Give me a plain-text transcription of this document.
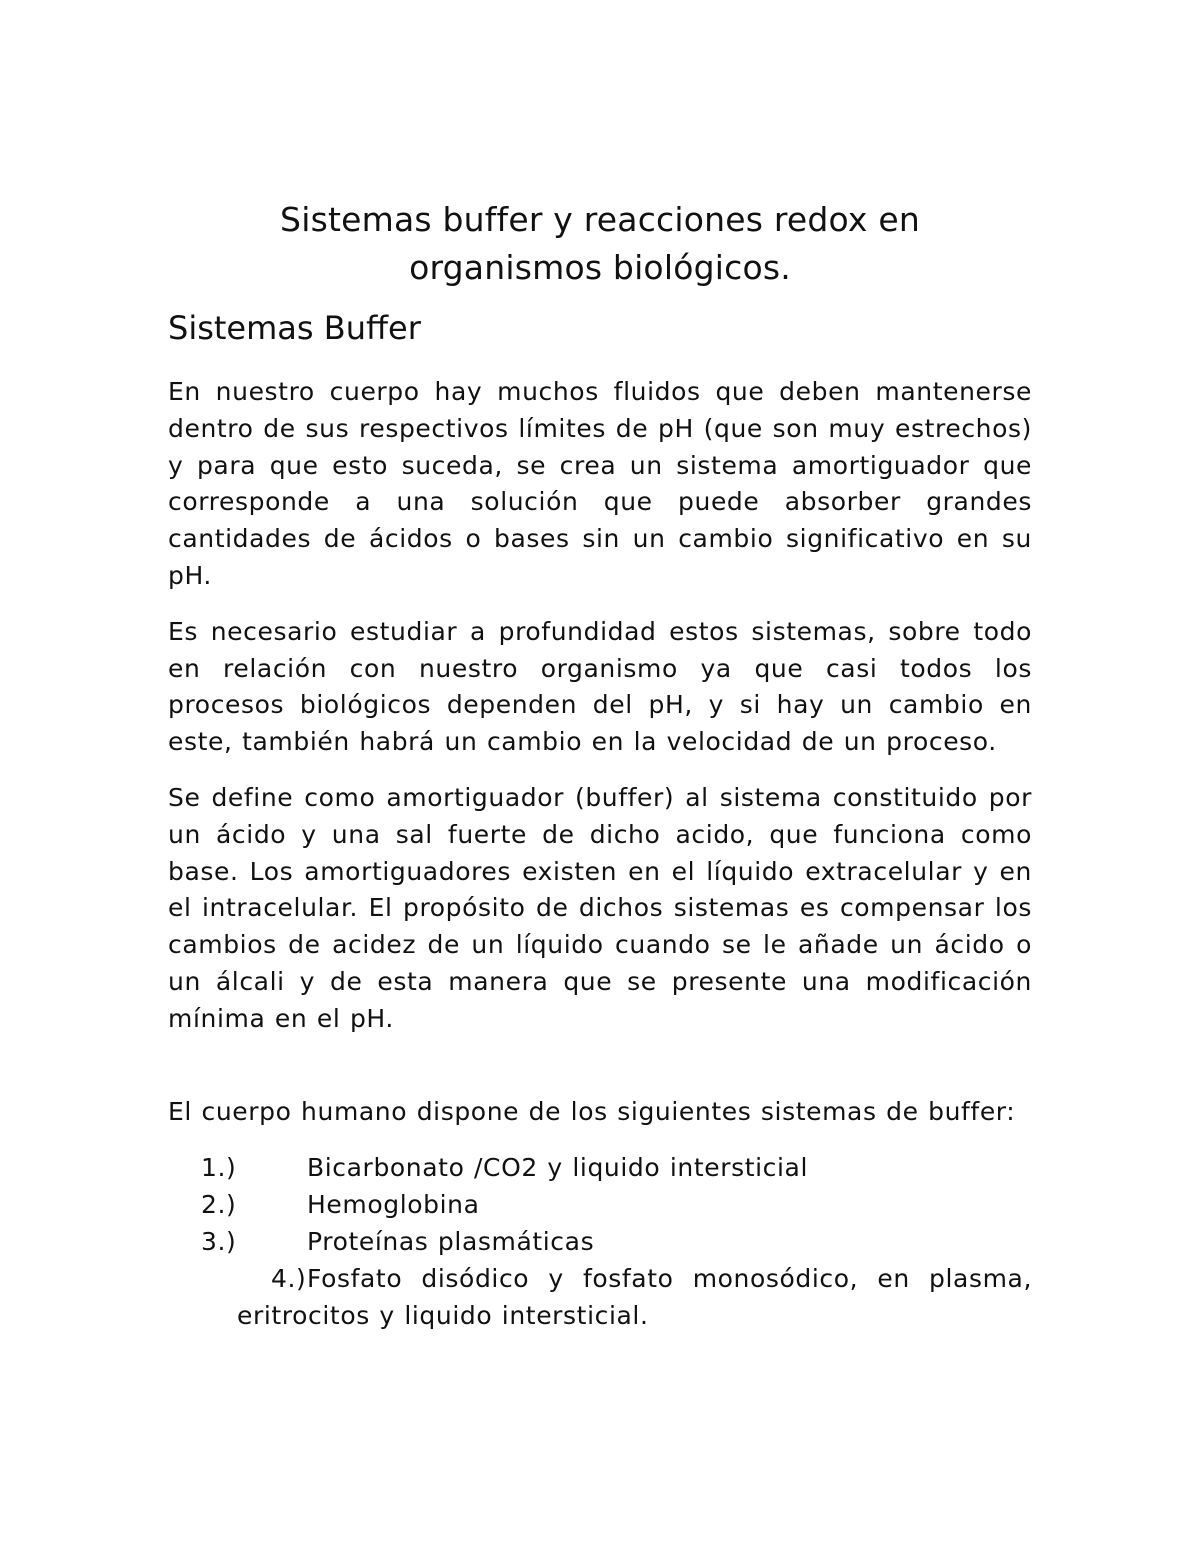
Sistemas buffer y reacciones redox en
organismos biológicos.
Sistemas Buffer

En nuestro cuerpo hay muchos fluidos que deben mantenerse dentro de sus respectivos límites de pH (que son muy estrechos) y para que esto suceda, se crea un sistema amortiguador que corresponde a una solución que puede absorber grandes cantidades de ácidos o bases sin un cambio significativo en su pH.

Es necesario estudiar a profundidad estos sistemas, sobre todo en relación con nuestro organismo ya que casi todos los procesos biológicos dependen del pH, y si hay un cambio en este, también habrá un cambio en la velocidad de un proceso.

Se define como amortiguador (buffer) al sistema constituido por un ácido y una sal fuerte de dicho acido, que funciona como base. Los amortiguadores existen en el líquido extracelular y en el intracelular. El propósito de dichos sistemas es compensar los cambios de acidez de un líquido cuando se le añade un ácido o un álcali y de esta manera que se presente una modificación mínima en el pH.

El cuerpo humano dispone de los siguientes sistemas de buffer:

1.)	Bicarbonato /CO2 y liquido intersticial
2.)	Hemoglobina
3.)	Proteínas plasmáticas
4.) Fosfato disódico y fosfato monosódico, en plasma, eritrocitos y liquido intersticial.
